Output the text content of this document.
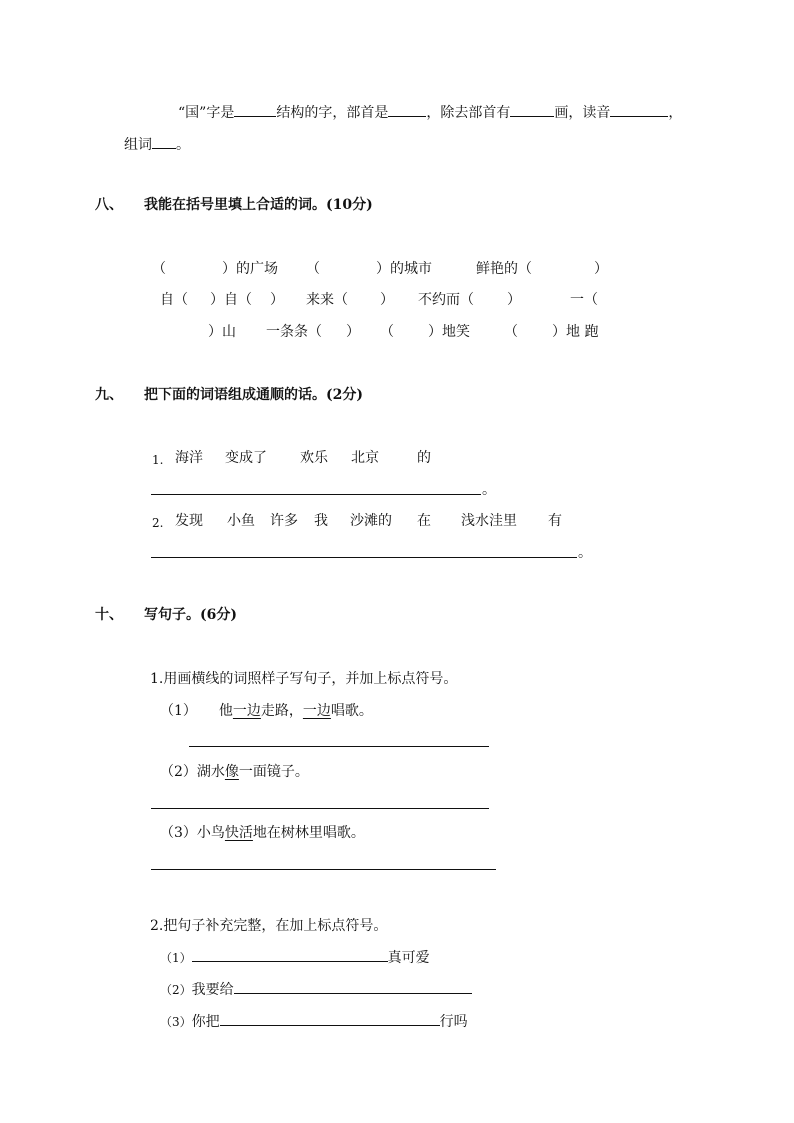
“国”字是	结构的字，部首是	，除去部首有	画，读音	，
组词 。
八、 我能在括号里填上合适的词。(10分)
（	）的广场 （	）的城市	鲜艳的（	）
自（ ）自（ ） 来来（ ） 不约而（ ）	一（
）山 一条条（ ） （ ）地笑 （ ）地 跑
九、 把下面的词语组成通顺的话。(2分)
1. 海洋 变成了 欢乐 北京	的
。
2. 发现 小鱼 许多 我 沙滩的 在 浅水洼里 有
。
十、 写句子。(6分)
1.用画横线的词照样子写句子，并加上标点符号。
（1） 他一边走路，一边唱歌。
（2）湖水像一面镜子。
（3）小鸟快活地在树林里唱歌。
2.把句子补充完整，在加上标点符号。
（1）	真可爱
（2）我要给
（3）你把	行吗
